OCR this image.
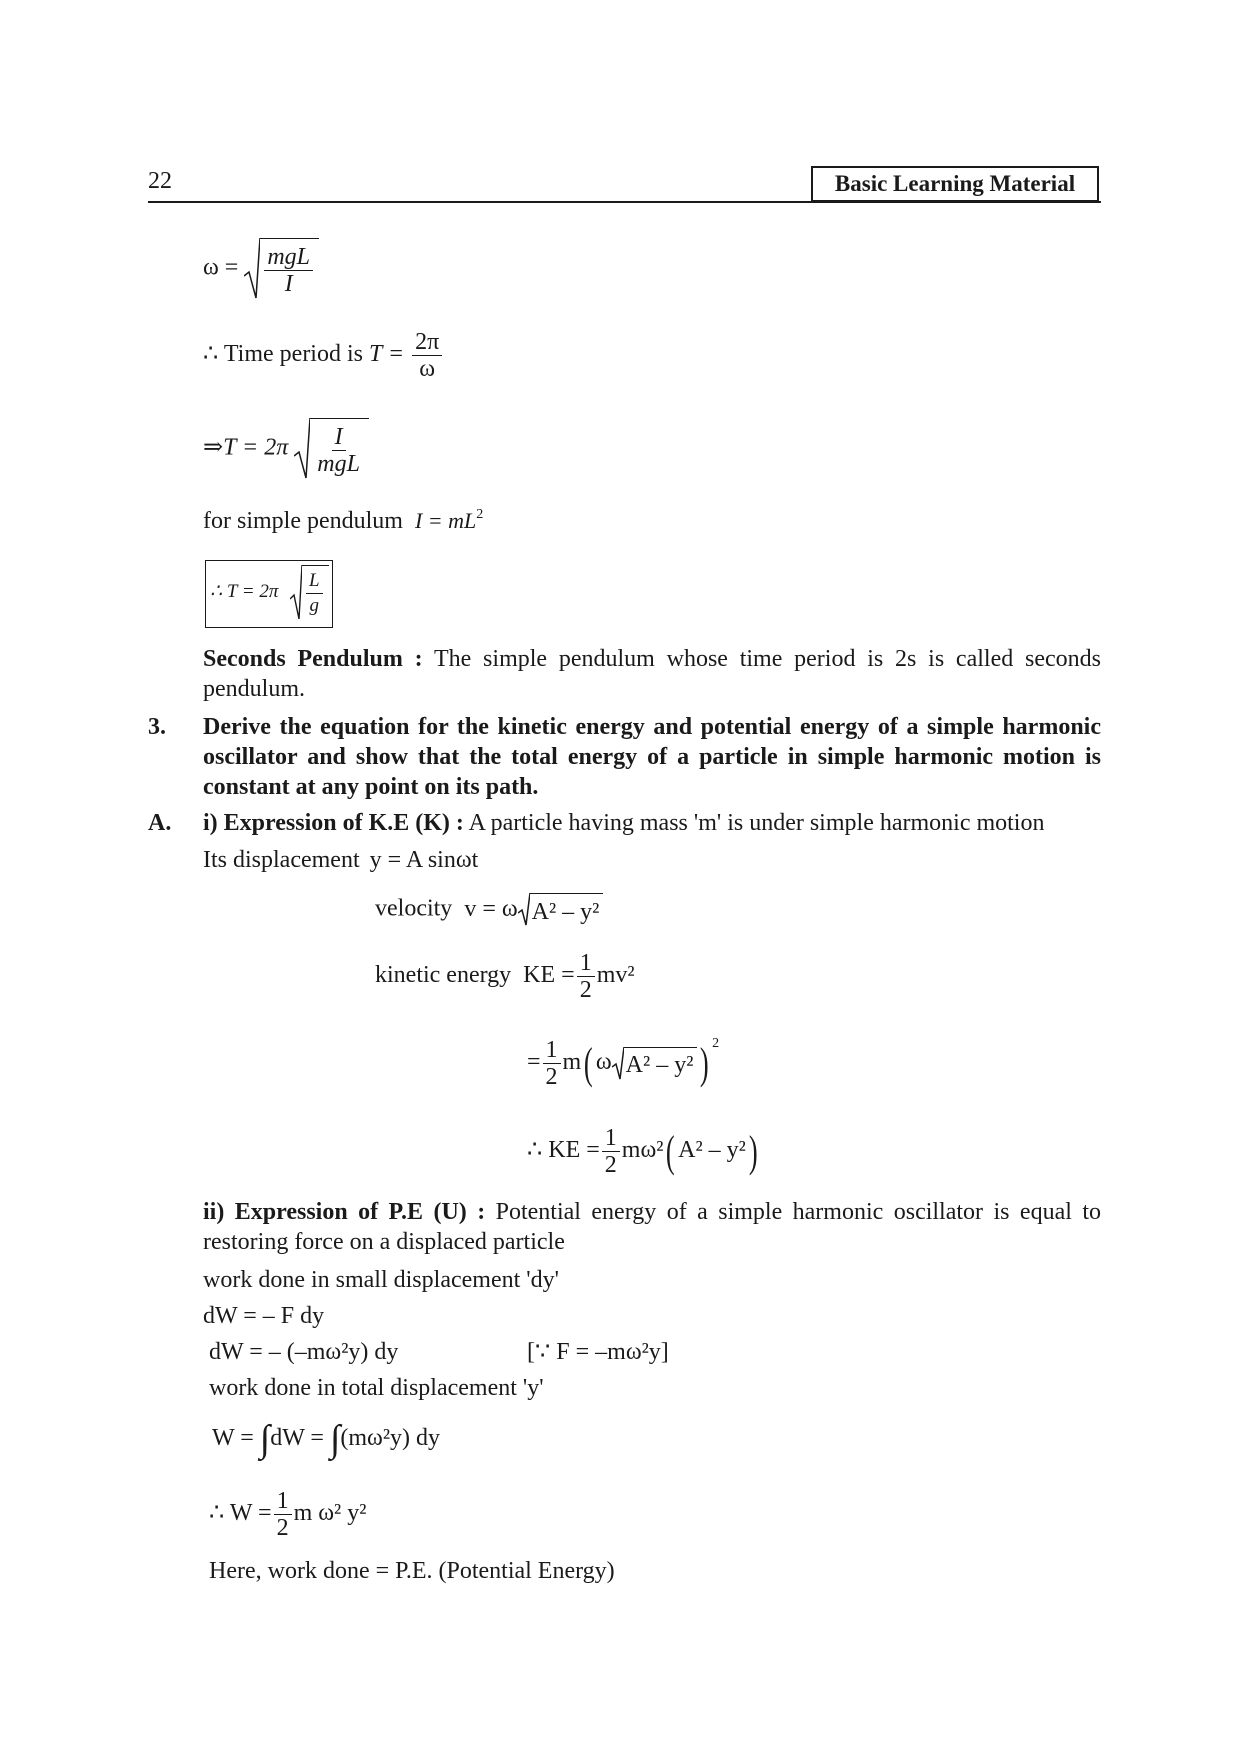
22	Basic Learning Material
$\omega = \frac{\text{mgL}}{I}$
∴ Time period is $T = \frac{2\pi}{\omega}$
⇒T = $2\pi \frac{I}{\text{mgL}}$
for simple pendulum $I = mL^2$
∴ $T = 2\pi \frac{L}{g}$
Seconds Pendulum : The simple pendulum whose time period is 2s is called seconds pendulum.
3. Derive the equation for the kinetic energy and potential energy of a simple harmonic oscillator and show that the total energy of a particle in simple harmonic motion is constant at any point on its path.
A. i) Expression of K.E (K) : A particle having mass 'm' is under simple harmonic motion
Its displacement y = A sinωt
velocity v = ω A² – y²
kinetic energy KE = $\frac{1}{2} mv^2$
= $\frac{1}{2} m$( ω A² – y² ) $^2$
∴ KE = $\frac{1}{2} m\omega^2$( A² – y²)
ii) Expression of P.E (U) : Potential energy of a simple harmonic oscillator is equal to restoring force on a displaced particle
work done in small displacement 'dy'
dW = – F dy
dW = – (–mω²y) dy	[∵ F = –mω²y]
work done in total displacement 'y'
W = ∫dW = ∫(mω²y) dy
∴ $W = \frac{1}{2}$ m ω² y²
Here, work done = P.E. (Potential Energy)
